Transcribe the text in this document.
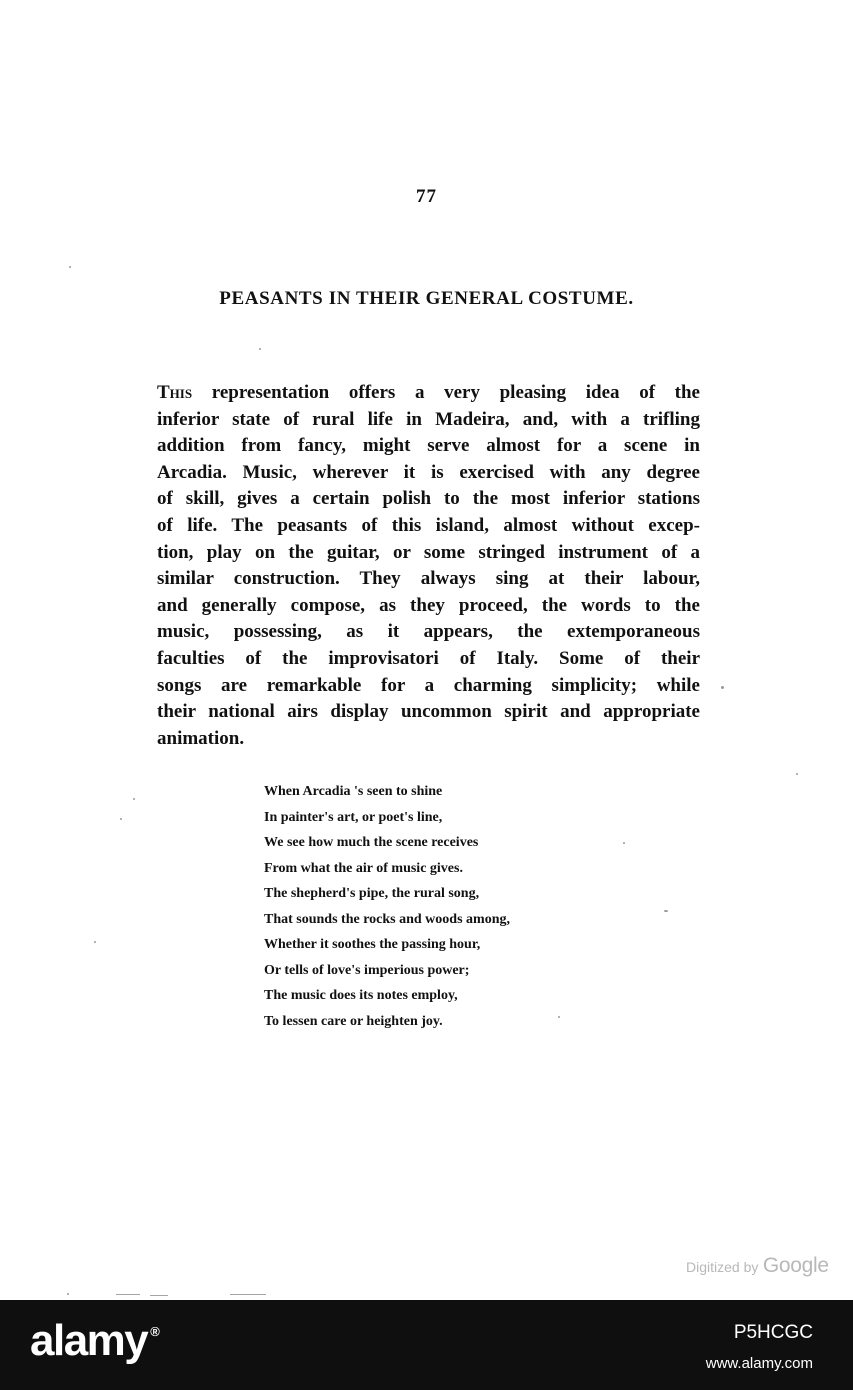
77
PEASANTS IN THEIR GENERAL COSTUME.
This representation offers a very pleasing idea of the
inferior state of rural life in Madeira, and, with a trifling
addition from fancy, might serve almost for a scene in
Arcadia. Music, wherever it is exercised with any degree
of skill, gives a certain polish to the most inferior stations
of life. The peasants of this island, almost without excep-
tion, play on the guitar, or some stringed instrument of a
similar construction. They always sing at their labour,
and generally compose, as they proceed, the words to the
music, possessing, as it appears, the extemporaneous
faculties of the improvisatori of Italy. Some of their
songs are remarkable for a charming simplicity; while
their national airs display uncommon spirit and appropriate
animation.
When Arcadia 's seen to shine
In painter's art, or poet's line,
We see how much the scene receives
From what the air of music gives.
The shepherd's pipe, the rural song,
That sounds the rocks and woods among,
Whether it soothes the passing hour,
Or tells of love's imperious power;
The music does its notes employ,
To lessen care or heighten joy.
Digitized by Google
alamy ®	P5HCGC
www.alamy.com
